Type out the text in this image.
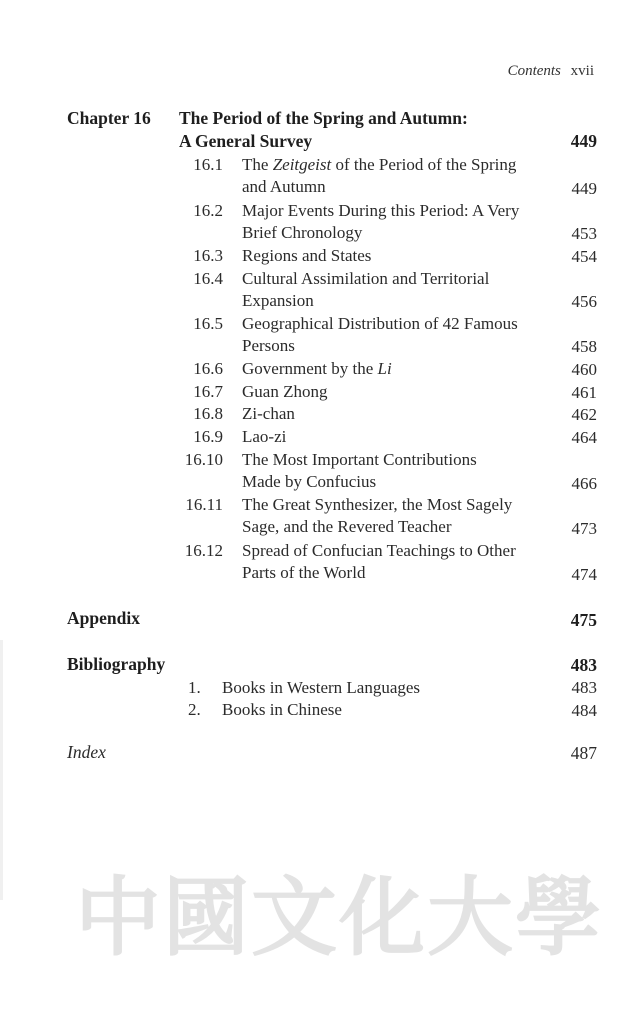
Contents xvii
Chapter 16 The Period of the Spring and Autumn:
A General Survey	449
16.1 The Zeitgeist of the Period of the Spring
and Autumn	449
16.2 Major Events During this Period: A Very
Brief Chronology	453
16.3 Regions and States	454
16.4 Cultural Assimilation and Territorial
Expansion	456
16.5 Geographical Distribution of 42 Famous
Persons	458
16.6 Government by the Li	460
16.7 Guan Zhong	461
16.8 Zi-chan	462
16.9 Lao-zi	464
16.10 The Most Important Contributions
Made by Confucius	466
16.11 The Great Synthesizer, the Most Sagely
Sage, and the Revered Teacher	473
16.12 Spread of Confucian Teachings to Other
Parts of the World	474
Appendix	475
Bibliography	483
1. Books in Western Languages	483
2. Books in Chinese	484
Index	487
中國文化大學
